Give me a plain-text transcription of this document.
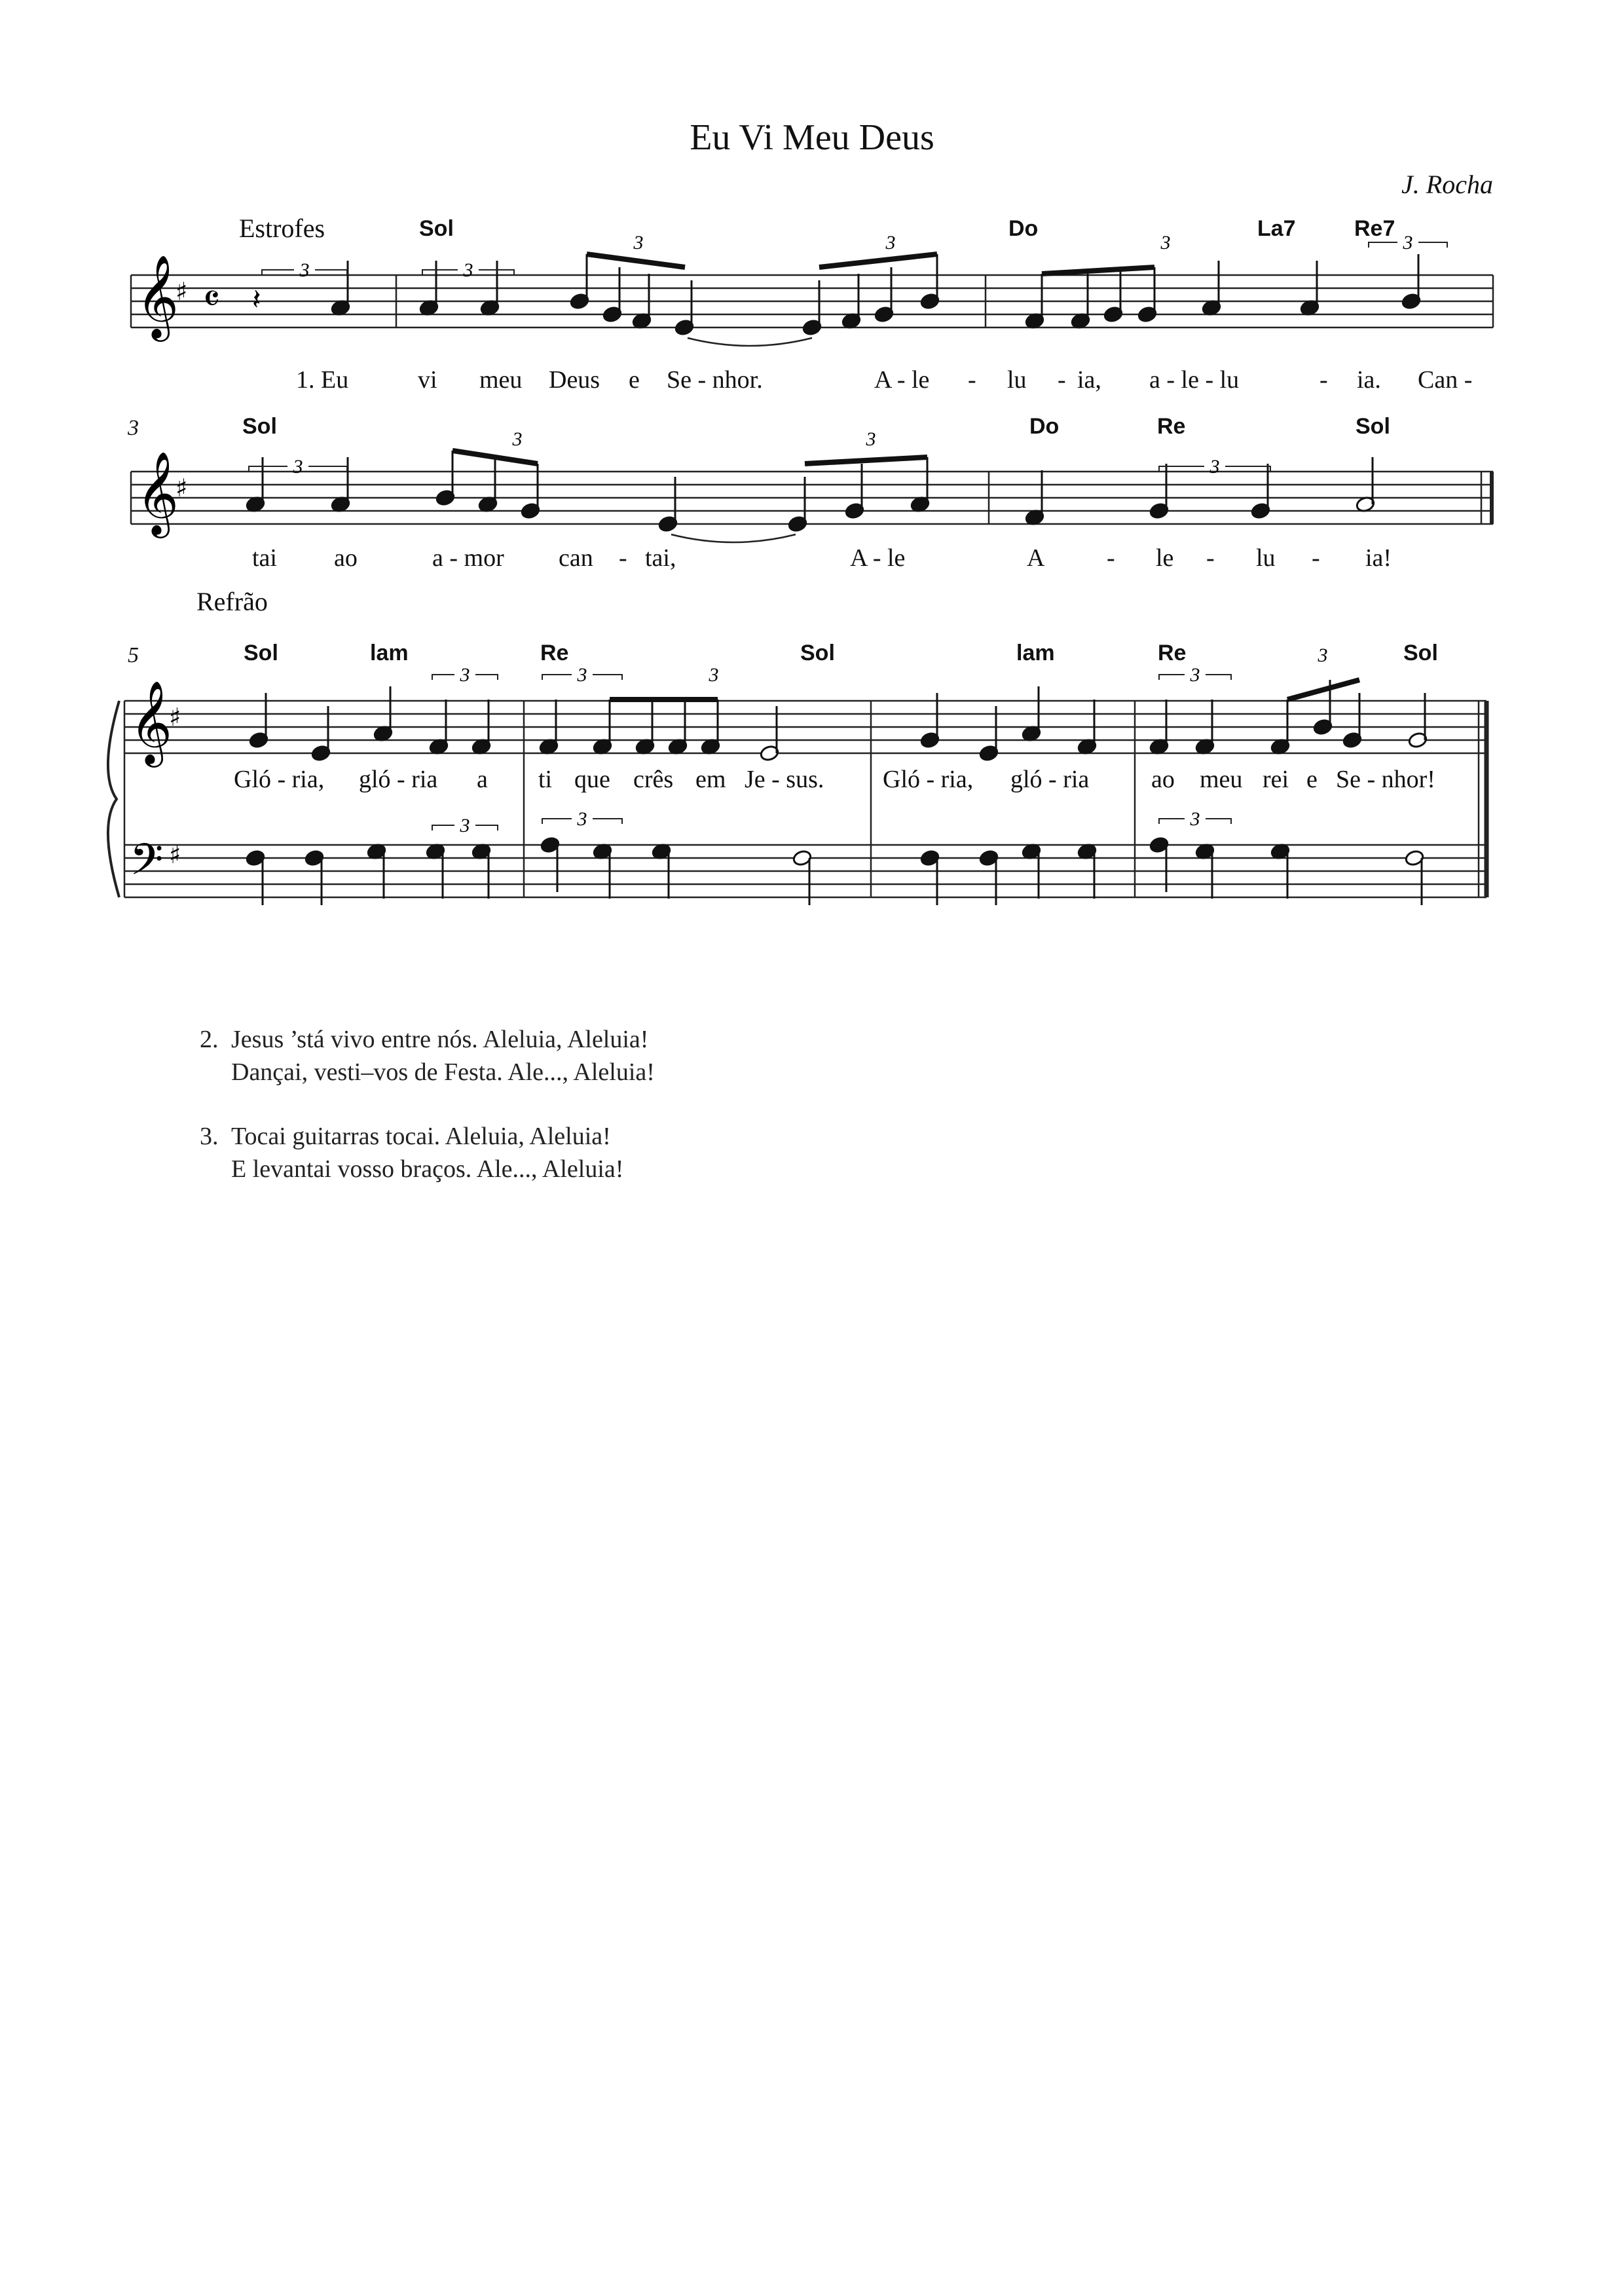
Eu Vi Meu Deus
J. Rocha
Estrofes
Refrão
3
5
Sol	Do	La7	Re7
Sol	Do	Re	Sol
Sol	lam	Re	Sol	lam	Re	Sol
1. Eu	vi meu Deus e Se - nhor.	A - le - lu - ia, a - le - lu	- ia. Can -
tai ao	a - mor can - tai,	A - le	A - le - lu - ia!
Gló - ria, gló - ria a ti que crês em Je - sus. Gló - ria, gló - ria ao meu rei e Se - nhor!
𝄞
♯ 𝄴 𝄽
3	3
3	3	3	3
𝄞
♯
3
3	3
3
𝄞
♯
𝄢 ♯
3	3	3	3
3
3	3	3
2. Jesus ’stá vivo entre nós. Aleluia, Aleluia!
Dançai, vesti–vos de Festa. Ale..., Aleluia!
3. Tocai guitarras tocai. Aleluia, Aleluia!
E levantai vosso braços. Ale..., Aleluia!
